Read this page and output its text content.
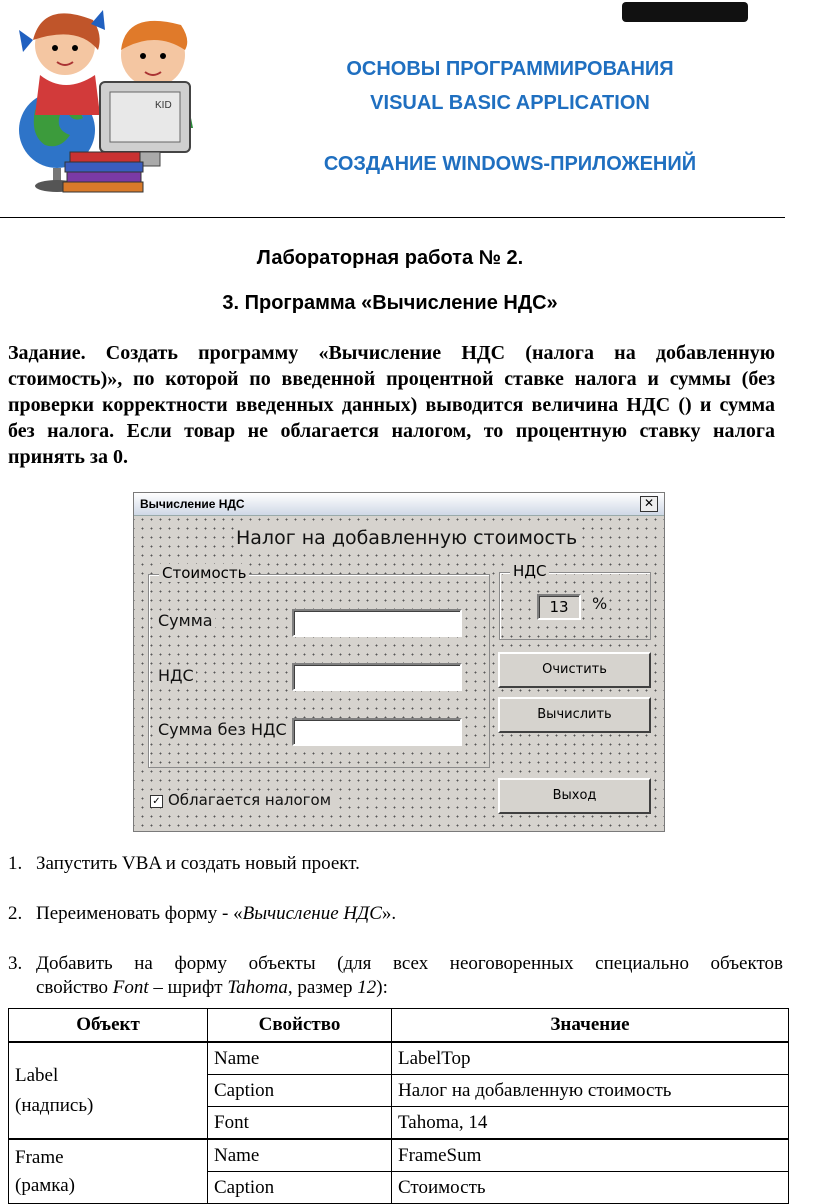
KID
ОСНОВЫ ПРОГРАММИРОВАНИЯ
VISUAL BASIC APPLICATION
СОЗДАНИЕ WINDOWS-ПРИЛОЖЕНИЙ
Лабораторная работа № 2.
3. Программа «Вычисление НДС»
Задание. Создать программу «Вычисление НДС (налога на добавленную стоимость)», по которой по введенной процентной ставке налога и суммы (без проверки корректности введенных данных) выводится величина НДС () и сумма без налога. Если товар не облагается налогом, то процентную ставку налога принять за 0.
Вычисление НДС	✕
Налог на добавленную стоимость
Стоимость
Сумма
НДС
Сумма без НДС
НДС
13	%
Очистить
Вычислить
Выход
✓ Облагается налогом
1. Запустить VBA и создать новый проект.
2. Переименовать форму - «Вычисление НДС».
3. Добавить на форму объекты (для всех неоговоренных специально объектов
свойство Font – шрифт Tahoma, размер 12):
Объект	Свойство	Значение

Label
(надпись)	Name	LabelTop
	Caption	Налог на добавленную стоимость
	Font	Tahoma, 14

Frame
(рамка)	Name	FrameSum
	Caption	Стоимость
